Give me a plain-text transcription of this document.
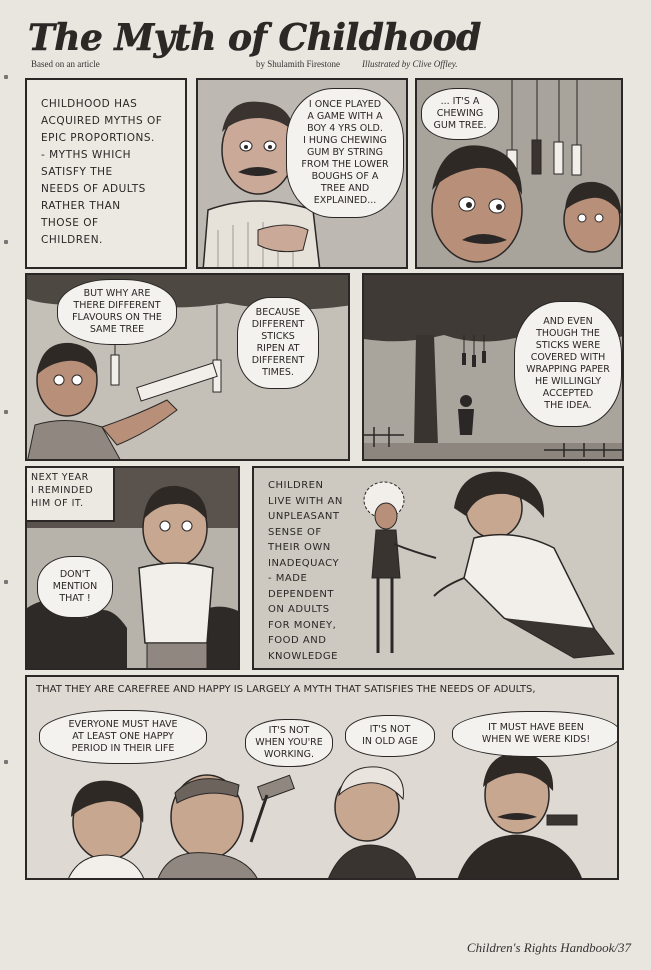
The Myth of Childhood
Based on an article	by Shulamith Firestone Illustrated by Clive Offley.
CHILDHOOD HAS
ACQUIRED MYTHS OF
EPIC PROPORTIONS.
- MYTHS WHICH
SATISFY THE
NEEDS OF ADULTS
RATHER THAN
THOSE OF
CHILDREN.
I ONCE PLAYED
A GAME WITH A
BOY 4 YRS OLD.
I HUNG CHEWING
GUM BY STRING
FROM THE LOWER
BOUGHS OF A
TREE AND
EXPLAINED...
... IT'S A
CHEWING
GUM TREE.
BUT WHY ARE
THERE DIFFERENT
FLAVOURS ON THE
SAME TREE
BECAUSE
DIFFERENT
STICKS
RIPEN AT
DIFFERENT
TIMES.
AND EVEN
THOUGH THE
STICKS WERE
COVERED WITH
WRAPPING PAPER
HE WILLINGLY
ACCEPTED
THE IDEA.
NEXT YEAR
I REMINDED
HIM OF IT.
DON'T
MENTION
THAT !
CHILDREN
LIVE WITH AN
UNPLEASANT
SENSE OF
THEIR OWN
INADEQUACY
- MADE
DEPENDENT
ON ADULTS
FOR MONEY,
FOOD AND
KNOWLEDGE
THAT THEY ARE CAREFREE AND HAPPY IS LARGELY A MYTH THAT SATISFIES THE NEEDS OF ADULTS,
EVERYONE MUST HAVE
AT LEAST ONE HAPPY
PERIOD IN THEIR LIFE
IT'S NOT
WHEN YOU'RE
WORKING.
IT'S NOT
IN OLD AGE
IT MUST HAVE BEEN
WHEN WE WERE KIDS!
Children's Rights Handbook/37
